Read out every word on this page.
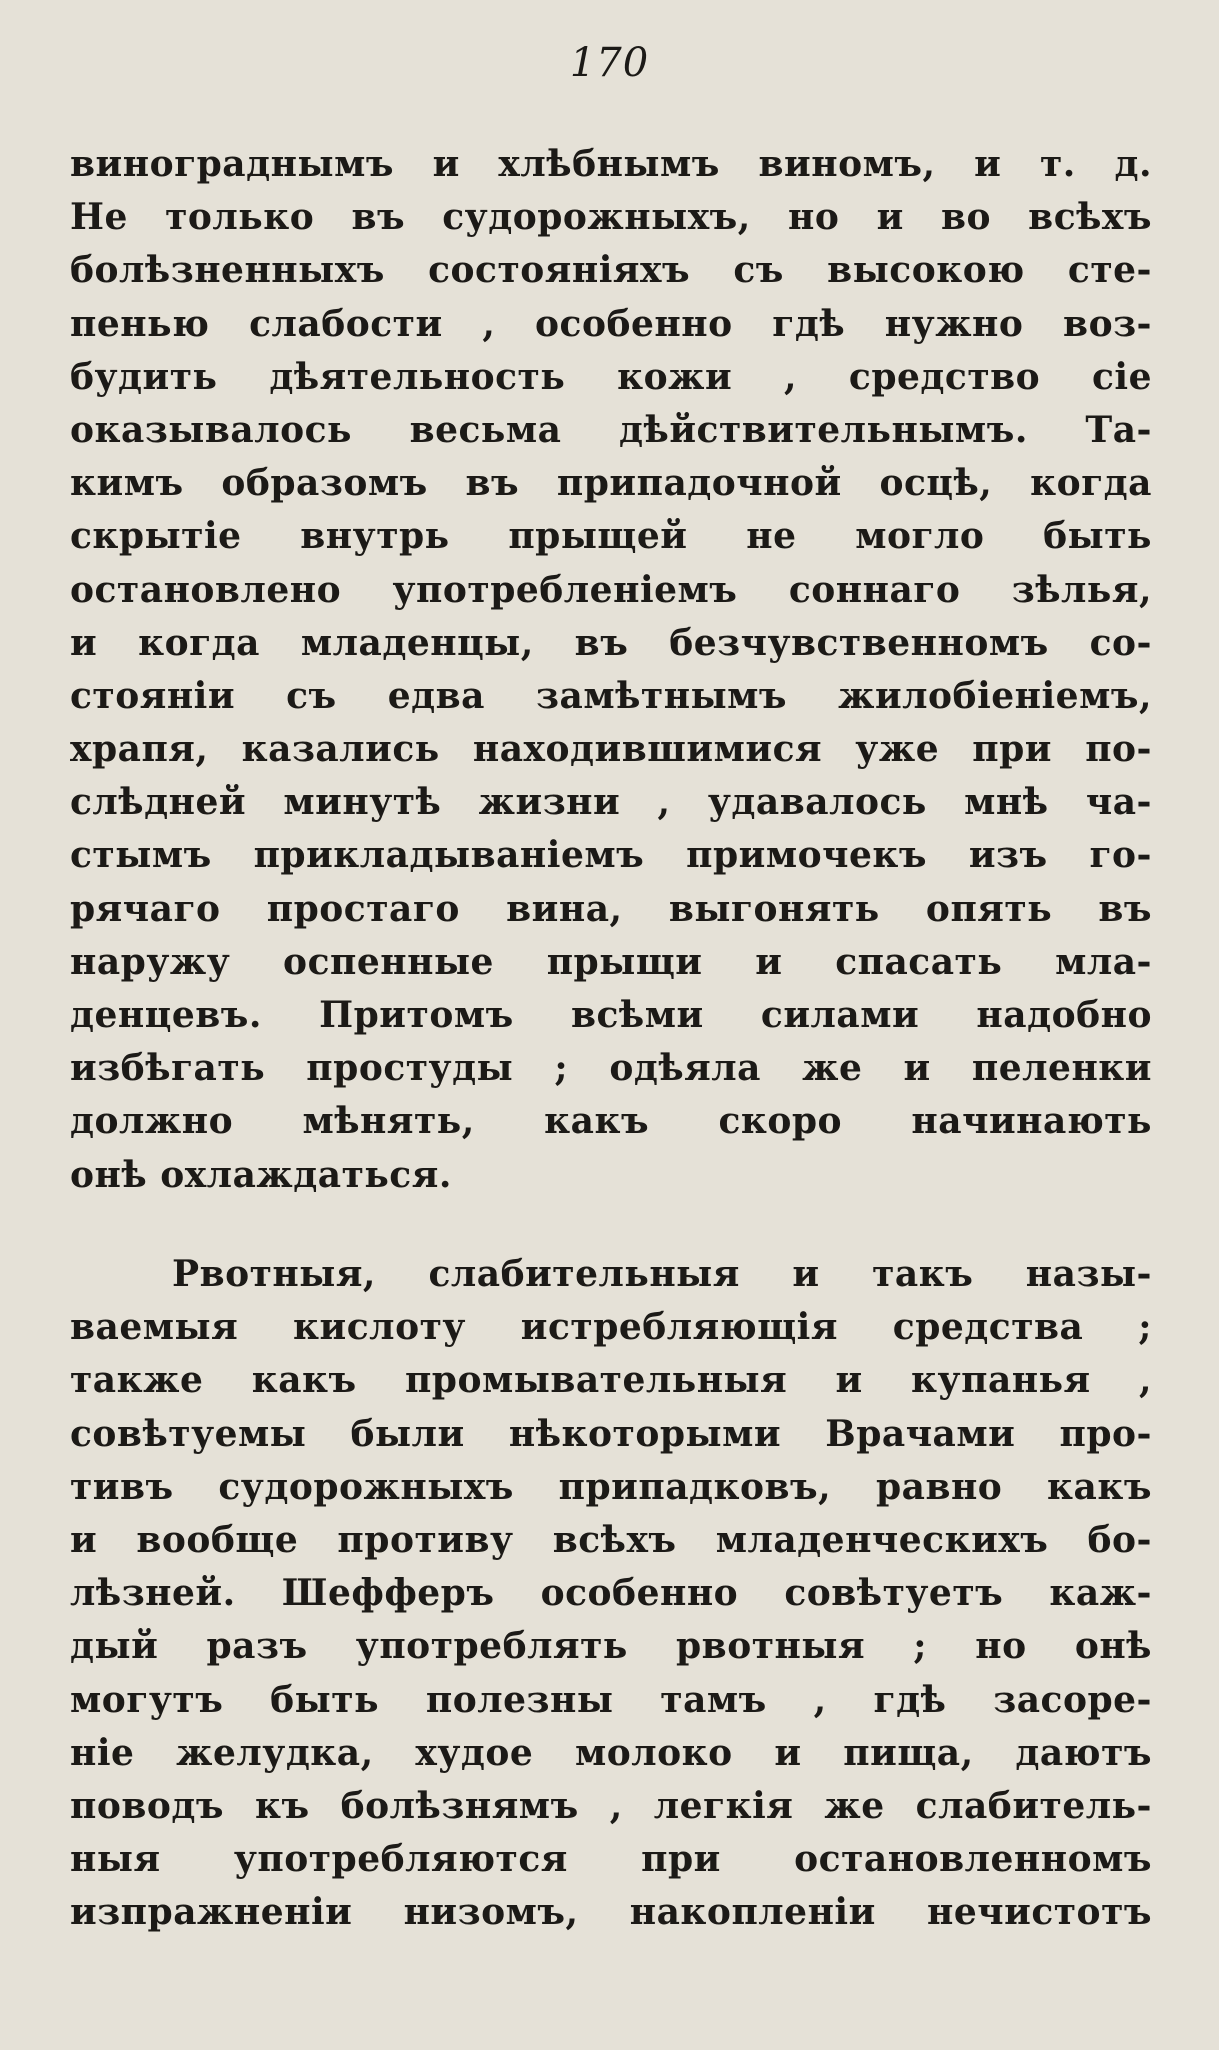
170
винограднымъ и хлѣбнымъ виномъ, и т. д.
Не только въ судорожныхъ, но и во всѣхъ
болѣзненныхъ состояніяхъ съ высокою сте-
пенью слабости , особенно гдѣ нужно воз-
будить дѣятельность кожи , средство сіе
оказывалось весьма дѣйствительнымъ. Та-
кимъ образомъ въ припадочной осцѣ, когда
скрытіе внутрь прыщей не могло быть
остановлено употребленіемъ соннаго зѣлья,
и когда младенцы, въ безчувственномъ со-
стояніи съ едва замѣтнымъ жилобіеніемъ,
храпя, казались находившимися уже при по-
слѣдней минутѣ жизни , удавалось мнѣ ча-
стымъ прикладываніемъ примочекъ изъ го-
рячаго простаго вина, выгонять опять въ
наружу оспенные прыщи и спасать мла-
денцевъ. Притомъ всѣми силами надобно
избѣгать простуды ; одѣяла же и пеленки
должно мѣнять, какъ скоро начинають
онѣ охлаждаться.
Рвотныя, слабительныя и такъ назы-
ваемыя кислоту истребляющія средства ;
также какъ промывательныя и купанья ,
совѣтуемы были нѣкоторыми Врачами про-
тивъ судорожныхъ припадковъ, равно какъ
и вообще противу всѣхъ младенческихъ бо-
лѣзней. Шефферъ особенно совѣтуетъ каж-
дый разъ употреблять рвотныя ; но онѣ
могутъ быть полезны тамъ , гдѣ засоре-
ніе желудка, худое молоко и пища, даютъ
поводъ къ болѣзнямъ , легкія же слабитель-
ныя употребляются при остановленномъ
изпражненіи низомъ, накопленіи нечистотъ
